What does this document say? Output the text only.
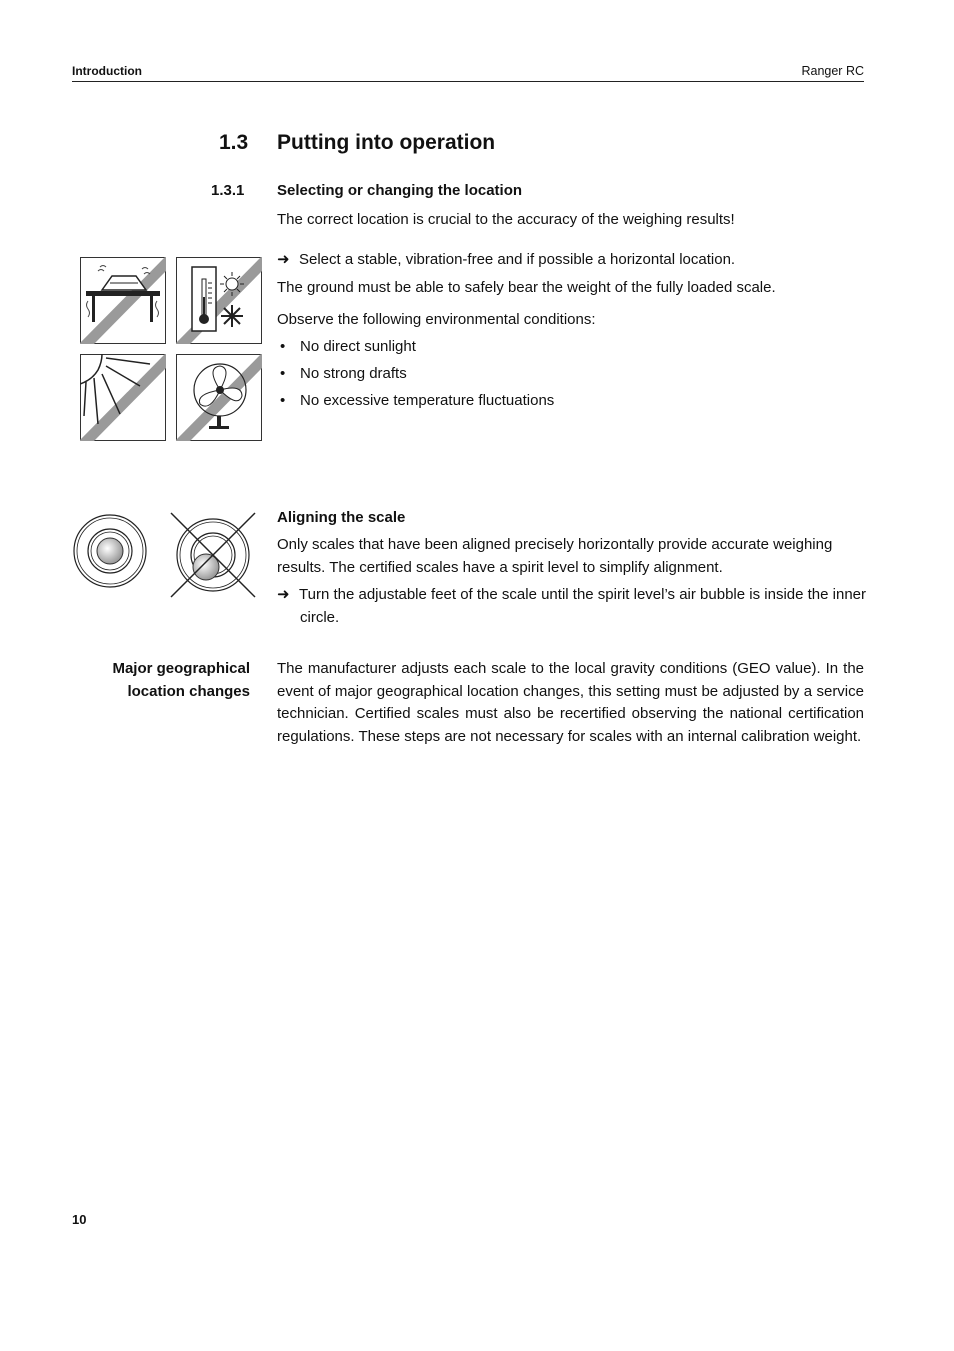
Introduction	Ranger RC
1.3 Putting into operation
1.3.1 Selecting or changing the location
The correct location is crucial to the accuracy of the weighing results!
➜ Select a stable, vibration-free and if possible a horizontal location.
The ground must be able to safely bear the weight of the fully loaded scale.
Observe the following environmental conditions:
• No direct sunlight
• No strong drafts
• No excessive temperature fluctuations
Aligning the scale
Only scales that have been aligned precisely horizontally provide accurate weighing results. The certified scales have a spirit level to simplify alignment.
➜ Turn the adjustable feet of the scale until the spirit level’s air bubble is inside the inner circle.
Major geographical
location changes
The manufacturer adjusts each scale to the local gravity conditions (GEO value). In the event of major geographical location changes, this setting must be adjusted by a service technician. Certified scales must also be recertified observing the national certification regulations. These steps are not necessary for scales with an internal calibration weight.
10
